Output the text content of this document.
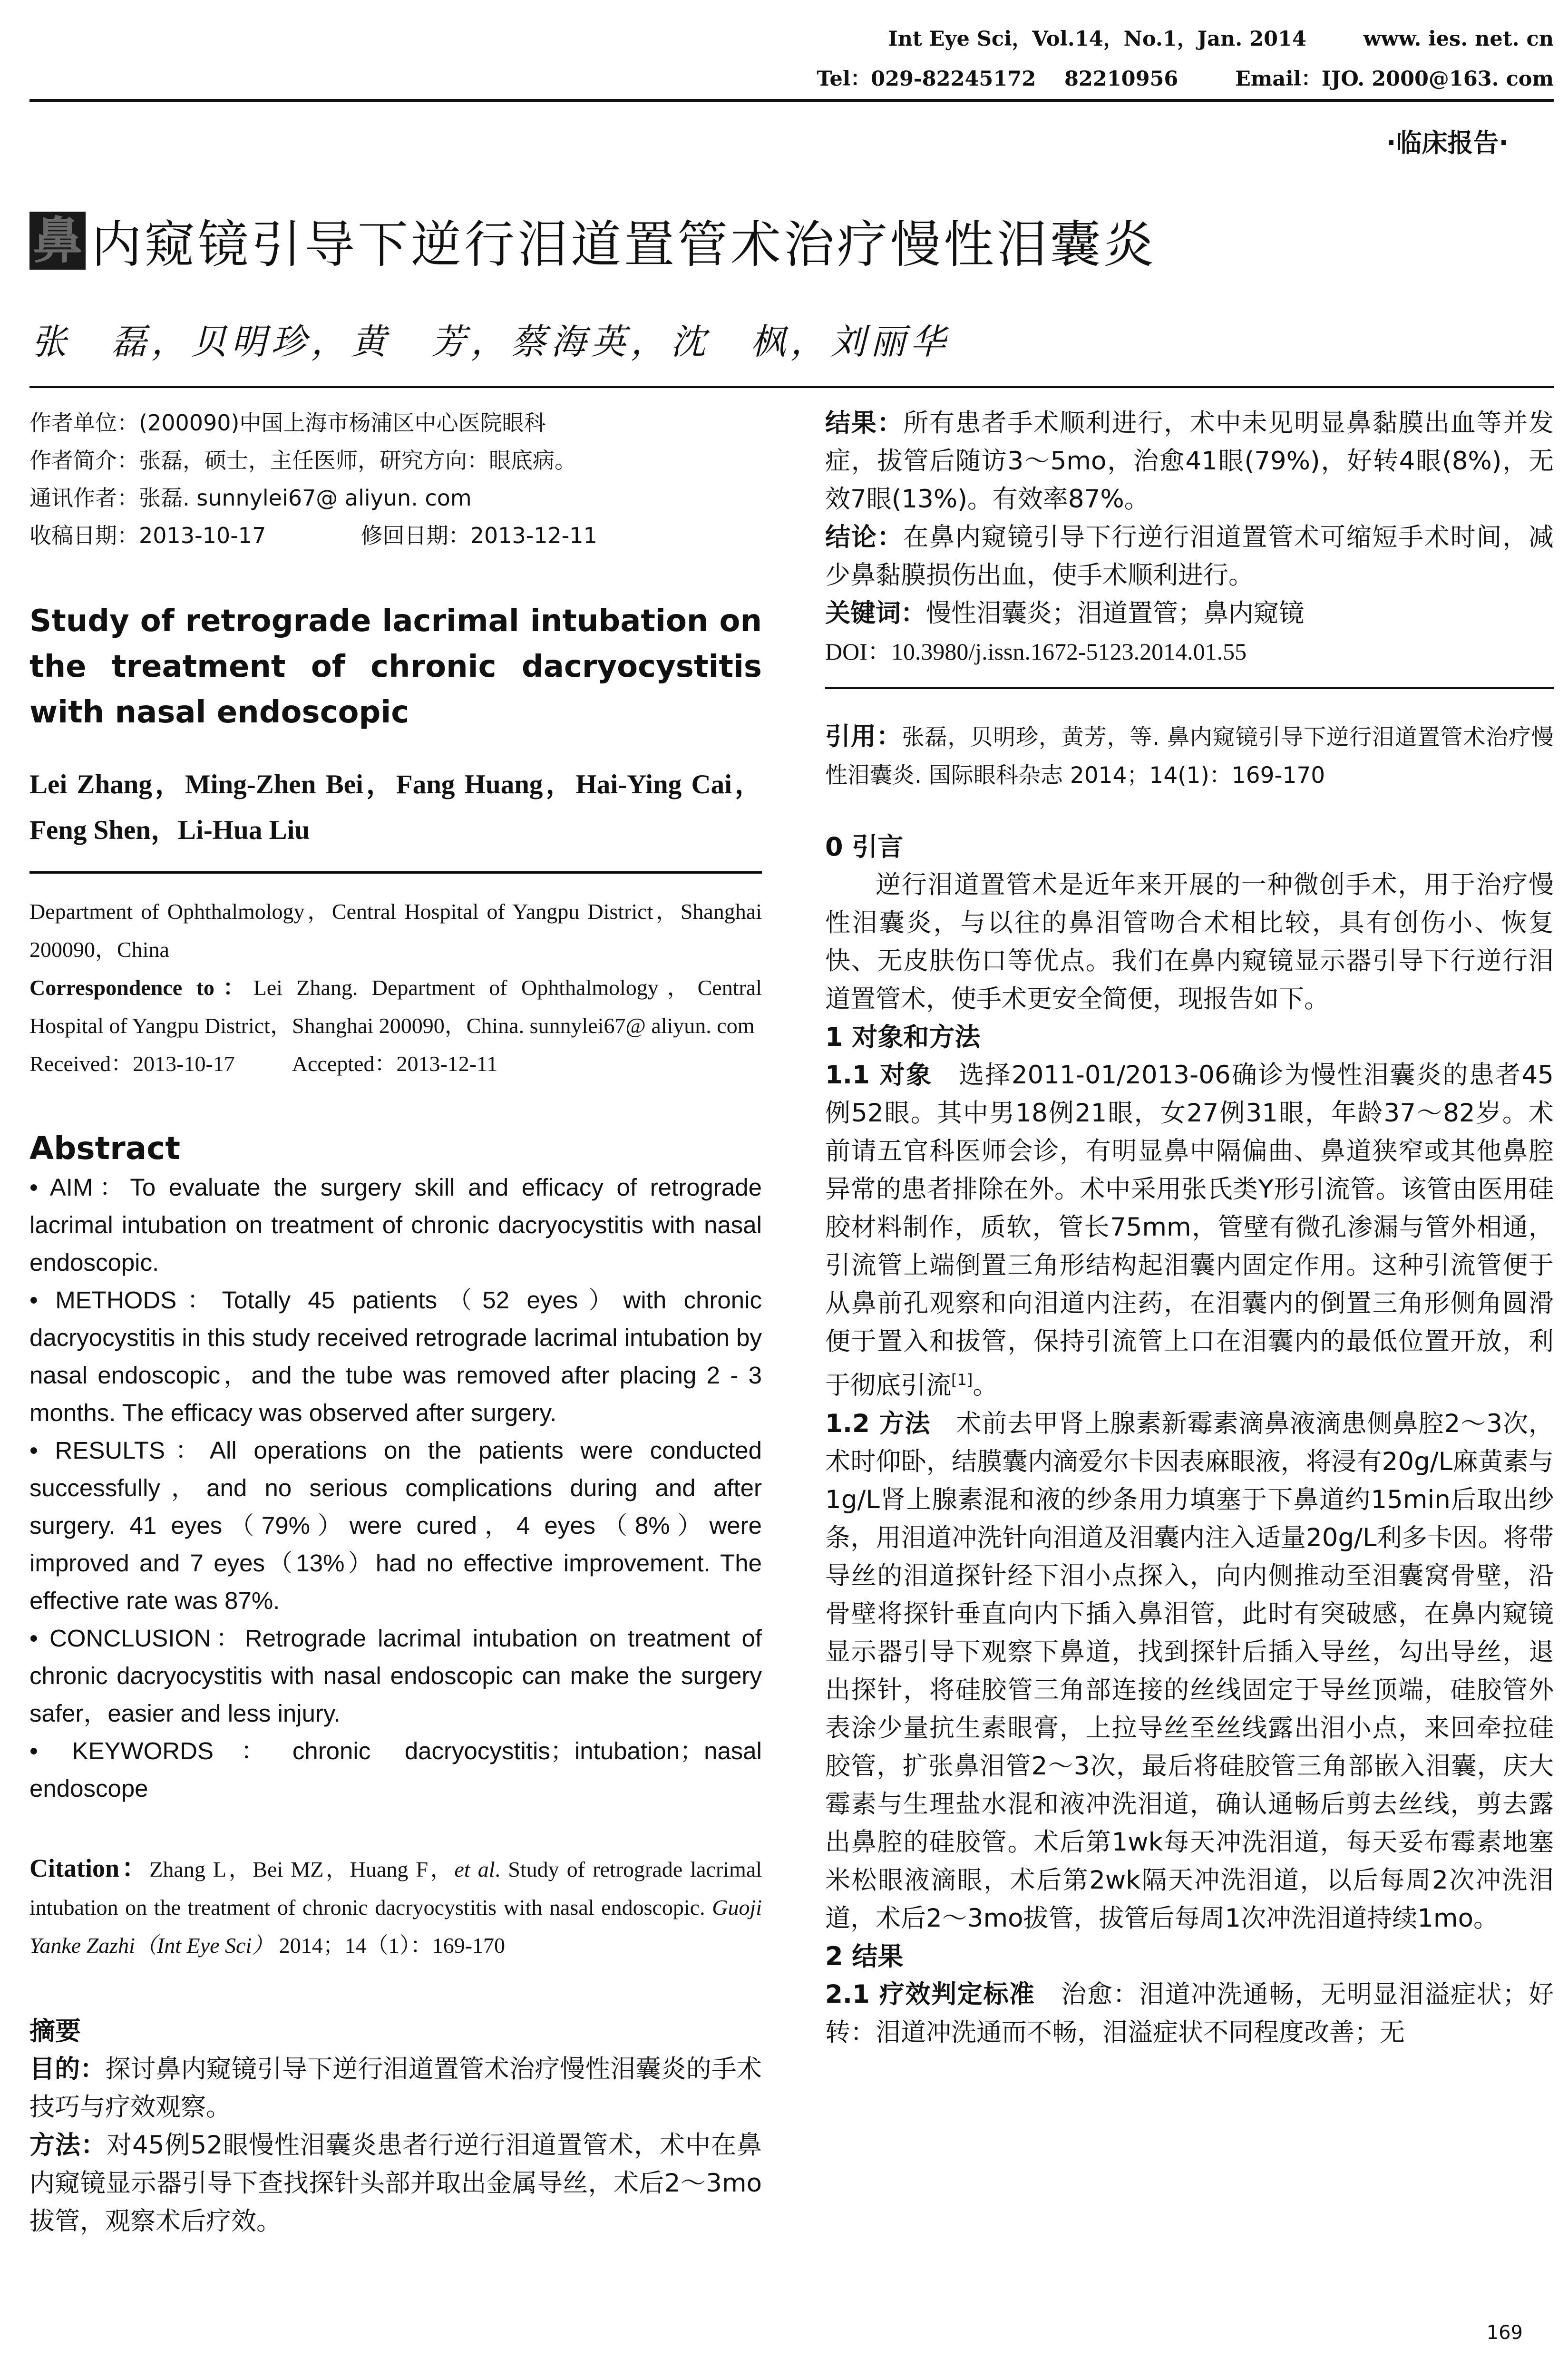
Int Eye Sci，Vol.14，No.1，Jan. 2014        www. ies. net. cn
Tel：029-82245172    82210956        Email：IJO. 2000@163. com
·临床报告·
鼻 内窥镜引导下逆行泪道置管术治疗慢性泪囊炎
张　磊，贝明珍，黄　芳，蔡海英，沈　枫，刘丽华
作者单位：(200090)中国上海市杨浦区中心医院眼科
作者简介：张磊，硕士，主任医师，研究方向：眼底病。
通讯作者：张磊. sunnylei67@ aliyun. com
收稿日期：2013-10-17	修回日期：2013-12-11
Study of retrograde lacrimal intubation on the treatment of chronic dacryocystitis with nasal endoscopic
Lei Zhang，Ming-Zhen Bei，Fang Huang，Hai-Ying Cai，Feng Shen，Li-Hua Liu

Department of Ophthalmology，Central Hospital of Yangpu District，Shanghai 200090，China

Correspondence to：Lei Zhang. Department of Ophthalmology，Central Hospital of Yangpu District，Shanghai 200090，China. sunnylei67@ aliyun. com

Received：2013-10-17	Accepted：2013-12-11

Abstract

• AIM：To evaluate the surgery skill and efficacy of retrograde lacrimal intubation on treatment of chronic dacryocystitis with nasal endoscopic.

• METHODS：Totally 45 patients（52 eyes）with chronic dacryocystitis in this study received retrograde lacrimal intubation by nasal endoscopic，and the tube was removed after placing 2 - 3 months. The efficacy was observed after surgery.

• RESULTS：All operations on the patients were conducted successfully，and no serious complications during and after surgery. 41 eyes（79%）were cured，4 eyes（8%）were improved and 7 eyes（13%）had no effective improvement. The effective rate was 87%.

• CONCLUSION：Retrograde lacrimal intubation on treatment of chronic dacryocystitis with nasal endoscopic can make the surgery safer，easier and less injury.

• KEYWORDS：chronic dacryocystitis；intubation；nasal endoscope

Citation：Zhang L，Bei MZ，Huang F，et al. Study of retrograde lacrimal intubation on the treatment of chronic dacryocystitis with nasal endoscopic. Guoji Yanke Zazhi（Int Eye Sci） 2014；14（1）：169-170

摘要

目的：探讨鼻内窥镜引导下逆行泪道置管术治疗慢性泪囊炎的手术技巧与疗效观察。

方法：对45例52眼慢性泪囊炎患者行逆行泪道置管术，术中在鼻内窥镜显示器引导下查找探针头部并取出金属导丝，术后2～3mo拔管，观察术后疗效。

结果：所有患者手术顺利进行，术中未见明显鼻黏膜出血等并发症，拔管后随访3～5mo，治愈41眼(79%)，好转4眼(8%)，无效7眼(13%)。有效率87%。

结论：在鼻内窥镜引导下行逆行泪道置管术可缩短手术时间，减少鼻黏膜损伤出血，使手术顺利进行。

关键词：慢性泪囊炎；泪道置管；鼻内窥镜

DOI：10.3980/j.issn.1672-5123.2014.01.55

引用：张磊，贝明珍，黄芳，等. 鼻内窥镜引导下逆行泪道置管术治疗慢性泪囊炎. 国际眼科杂志 2014；14(1)：169-170

0 引言

逆行泪道置管术是近年来开展的一种微创手术，用于治疗慢性泪囊炎，与以往的鼻泪管吻合术相比较，具有创伤小、恢复快、无皮肤伤口等优点。我们在鼻内窥镜显示器引导下行逆行泪道置管术，使手术更安全简便，现报告如下。

1 对象和方法

1.1 对象　 选择2011-01/2013-06确诊为慢性泪囊炎的患者45例52眼。其中男18例21眼，女27例31眼，年龄37～82岁。术前请五官科医师会诊，有明显鼻中隔偏曲、鼻道狭窄或其他鼻腔异常的患者排除在外。术中采用张氏类Y形引流管。该管由医用硅胶材料制作，质软，管长75mm，管壁有微孔渗漏与管外相通，引流管上端倒置三角形结构起泪囊内固定作用。这种引流管便于从鼻前孔观察和向泪道内注药，在泪囊内的倒置三角形侧角圆滑便于置入和拔管，保持引流管上口在泪囊内的最低位置开放，利于彻底引流[1]。

1.2 方法　 术前去甲肾上腺素新霉素滴鼻液滴患侧鼻腔2～3次，术时仰卧，结膜囊内滴爱尔卡因表麻眼液，将浸有20g/L麻黄素与1g/L肾上腺素混和液的纱条用力填塞于下鼻道约15min后取出纱条，用泪道冲洗针向泪道及泪囊内注入适量20g/L利多卡因。将带导丝的泪道探针经下泪小点探入，向内侧推动至泪囊窝骨壁，沿骨壁将探针垂直向内下插入鼻泪管，此时有突破感，在鼻内窥镜显示器引导下观察下鼻道，找到探针后插入导丝，勾出导丝，退出探针，将硅胶管三角部连接的丝线固定于导丝顶端，硅胶管外表涂少量抗生素眼膏，上拉导丝至丝线露出泪小点，来回牵拉硅胶管，扩张鼻泪管2～3次，最后将硅胶管三角部嵌入泪囊，庆大霉素与生理盐水混和液冲洗泪道，确认通畅后剪去丝线，剪去露出鼻腔的硅胶管。术后第1wk每天冲洗泪道，每天妥布霉素地塞米松眼液滴眼，术后第2wk隔天冲洗泪道，以后每周2次冲洗泪道，术后2～3mo拔管，拔管后每周1次冲洗泪道持续1mo。

2 结果

2.1 疗效判定标准　 治愈：泪道冲洗通畅，无明显泪溢症状；好转：泪道冲洗通而不畅，泪溢症状不同程度改善；无

169
